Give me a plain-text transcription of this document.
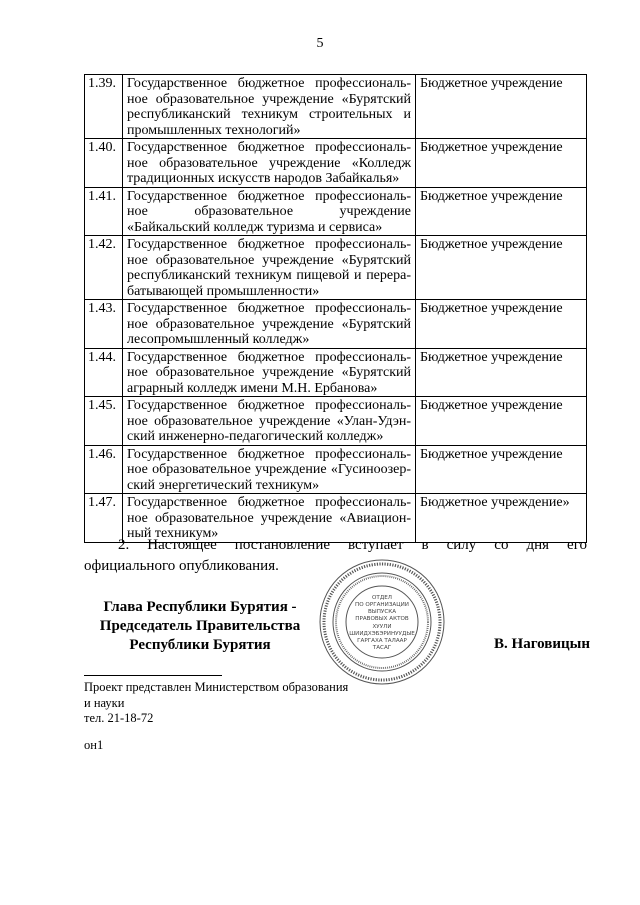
5
1.39.	Государственное бюджетное профессиональ-ное образовательное учреждение «Бурятский республиканский техникум строительных и промышленных технологий»	Бюджетное учреждение
1.40.	Государственное бюджетное профессиональ-ное образовательное учреждение «Колледж традиционных искусств народов Забайкалья»	Бюджетное учреждение
1.41.	Государственное бюджетное профессиональ-ное образовательное учреждение «Байкальский колледж туризма и сервиса»	Бюджетное учреждение
1.42.	Государственное бюджетное профессиональ-ное образовательное учреждение «Бурятский республиканский техникум пищевой и перера-батывающей промышленности»	Бюджетное учреждение
1.43.	Государственное бюджетное профессиональ-ное образовательное учреждение «Бурятский лесопромышленный колледж»	Бюджетное учреждение
1.44.	Государственное бюджетное профессиональ-ное образовательное учреждение «Бурятский аграрный колледж имени М.Н. Ербанова»	Бюджетное учреждение
1.45.	Государственное бюджетное профессиональ-ное образовательное учреждение «Улан-Удэн-ский инженерно-педагогический колледж»	Бюджетное учреждение
1.46.	Государственное бюджетное профессиональ-ное образовательное учреждение «Гусиноозер-ский энергетический техникум»	Бюджетное учреждение
1.47.	Государственное бюджетное профессиональ-ное образовательное учреждение «Авиацион-ный техникум»	Бюджетное учреждение»
2. Настоящее постановление вступает в силу со дня его
официального опубликования.
Глава Республики Бурятия -
Председатель Правительства
Республики Бурятия
ОТДЕЛ
ПО ОРГАНИЗАЦИИ
ВЫПУСКА
ПРАВОВЫХ АКТОВ
ХУУЛИ
ШИИДХЭБЭРИНУУДЫЕ
ГАРГАХА ТАЛААР
ТАСАГ	В. Наговицын
Проект представлен Министерством образования
и науки
тел. 21-18-72
он1
